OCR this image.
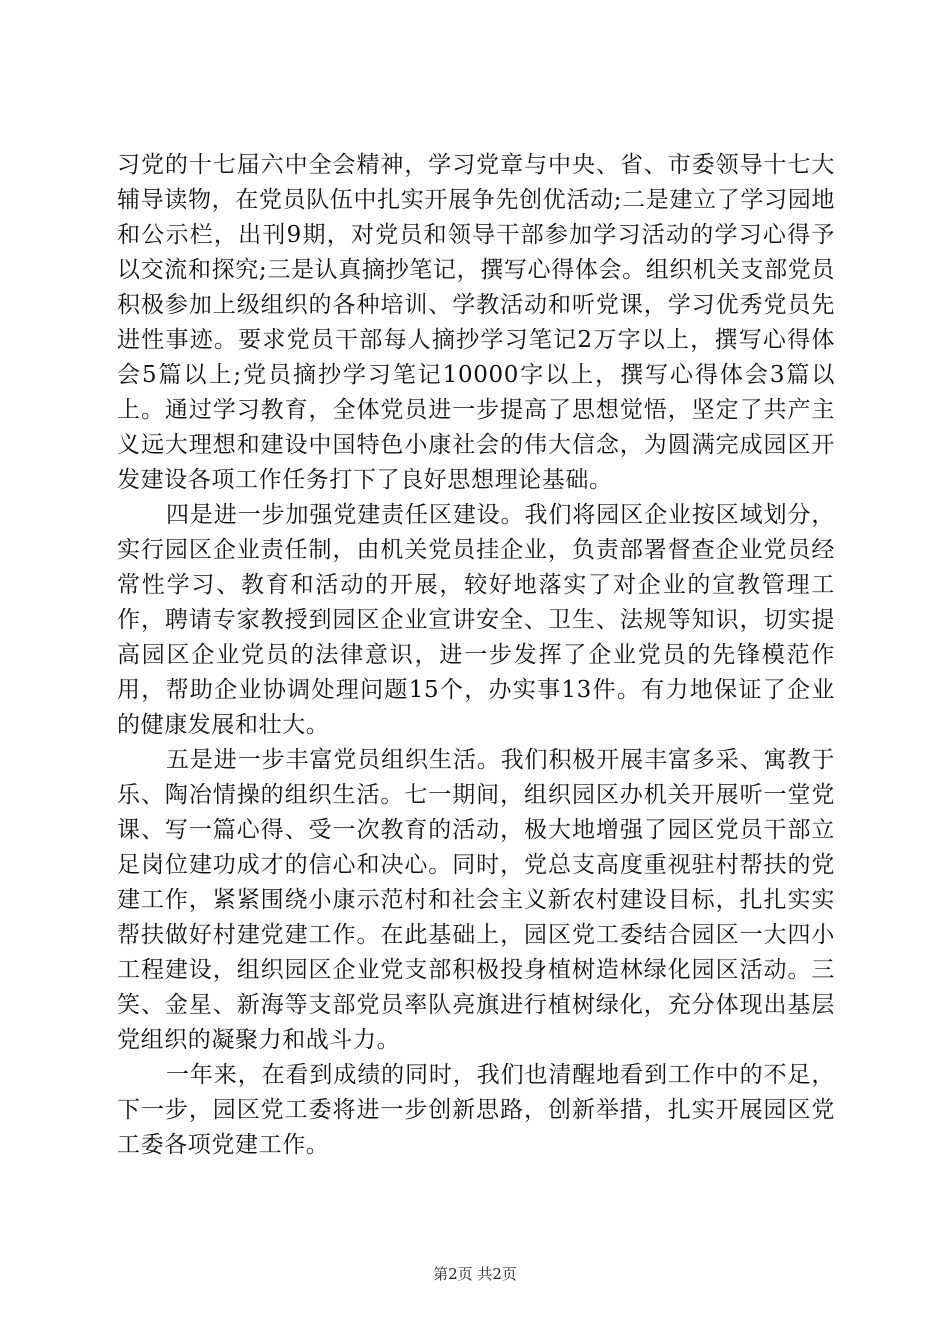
习党的十七届六中全会精神，学习党章与中央、省、市委领导十七大辅导读物，在党员队伍中扎实开展争先创优活动;二是建立了学习园地和公示栏，出刊9期，对党员和领导干部参加学习活动的学习心得予以交流和探究;三是认真摘抄笔记，撰写心得体会。组织机关支部党员积极参加上级组织的各种培训、学教活动和听党课，学习优秀党员先进性事迹。要求党员干部每人摘抄学习笔记2万字以上，撰写心得体会5篇以上;党员摘抄学习笔记10000字以上，撰写心得体会3篇以上。通过学习教育，全体党员进一步提高了思想觉悟，坚定了共产主义远大理想和建设中国特色小康社会的伟大信念，为圆满完成园区开发建设各项工作任务打下了良好思想理论基础。

四是进一步加强党建责任区建设。我们将园区企业按区域划分，实行园区企业责任制，由机关党员挂企业，负责部署督查企业党员经常性学习、教育和活动的开展，较好地落实了对企业的宣教管理工作，聘请专家教授到园区企业宣讲安全、卫生、法规等知识，切实提高园区企业党员的法律意识，进一步发挥了企业党员的先锋模范作用，帮助企业协调处理问题15个，办实事13件。有力地保证了企业的健康发展和壮大。

五是进一步丰富党员组织生活。我们积极开展丰富多采、寓教于乐、陶冶情操的组织生活。七一期间，组织园区办机关开展听一堂党课、写一篇心得、受一次教育的活动，极大地增强了园区党员干部立足岗位建功成才的信心和决心。同时，党总支高度重视驻村帮扶的党建工作，紧紧围绕小康示范村和社会主义新农村建设目标，扎扎实实帮扶做好村建党建工作。在此基础上，园区党工委结合园区一大四小工程建设，组织园区企业党支部积极投身植树造林绿化园区活动。三笑、金星、新海等支部党员率队亮旗进行植树绿化，充分体现出基层党组织的凝聚力和战斗力。

一年来，在看到成绩的同时，我们也清醒地看到工作中的不足，下一步，园区党工委将进一步创新思路，创新举措，扎实开展园区党工委各项党建工作。

第2页 共2页
